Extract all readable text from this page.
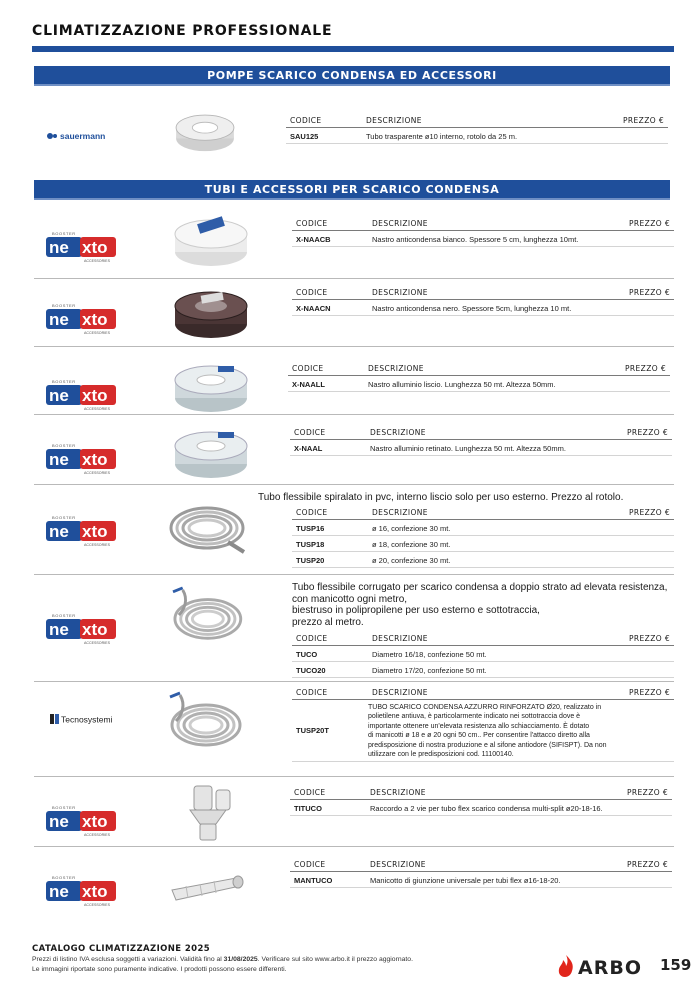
CLIMATIZZAZIONE PROFESSIONALE
POMPE SCARICO CONDENSA ED ACCESSORI
sauermann
CODICE	DESCRIZIONE	PREZZO €
SAU125	Tubo trasparente ø10 interno, rotolo da 25 m.
TUBI E ACCESSORI PER SCARICO CONDENSA
CODICE	DESCRIZIONE	PREZZO €
X-NAACB	Nastro anticondensa bianco. Spessore 5 cm, lunghezza 10mt.
CODICE	DESCRIZIONE	PREZZO €
X-NAACN	Nastro anticondensa nero. Spessore 5cm, lunghezza 10 mt.
CODICE	DESCRIZIONE	PREZZO €
X-NAALL	Nastro alluminio liscio. Lunghezza 50 mt. Altezza 50mm.
CODICE	DESCRIZIONE	PREZZO €
X-NAAL	Nastro alluminio retinato. Lunghezza 50 mt. Altezza 50mm.
Tubo flessibile spiralato in pvc, interno liscio solo per uso esterno. Prezzo al rotolo.
CODICE	DESCRIZIONE	PREZZO €
TUSP16	ø 16, confezione 30 mt.
TUSP18	ø 18, confezione 30 mt.
TUSP20	ø 20, confezione 30 mt.
Tubo flessibile corrugato per scarico condensa a doppio strato ad elevata resistenza,
con manicotto ogni metro,
biestruso in polipropilene per uso esterno e sottotraccia,
prezzo al metro.
CODICE	DESCRIZIONE	PREZZO €
TUCO	Diametro 16/18, confezione 50 mt.
TUCO20	Diametro 17/20, confezione 50 mt.
Tecnosystemi
CODICE	DESCRIZIONE	PREZZO €
TUSP20T
TUBO SCARICO CONDENSA AZZURRO RINFORZATO Ø20, realizzato in
polietilene antiuva, è particolarmente indicato nei sottotraccia dove è
importante ottenere un'elevata resistenza allo schiacciamento. È dotato
di manicotti ø 18 e ø 20 ogni 50 cm.. Per consentire l'attacco diretto alla
predisposizione di nostra produzione e al sifone antiodore (SIFISPT). Da non
utilizzare con le predisposizioni cod. 11100140.
CODICE	DESCRIZIONE	PREZZO €
TITUCO	Raccordo a 2 vie per tubo flex scarico condensa multi-split ø20-18-16.
CODICE	DESCRIZIONE	PREZZO €
MANTUCO	Manicotto di giunzione universale per tubi flex ø16-18-20.
CATALOGO CLIMATIZZAZIONE 2025
Prezzi di listino IVA esclusa soggetti a variazioni. Validità fino al 31/08/2025. Verificare sul sito www.arbo.it il prezzo aggiornato.
Le immagini riportate sono puramente indicative. I prodotti possono essere differenti.	ARBO 159
